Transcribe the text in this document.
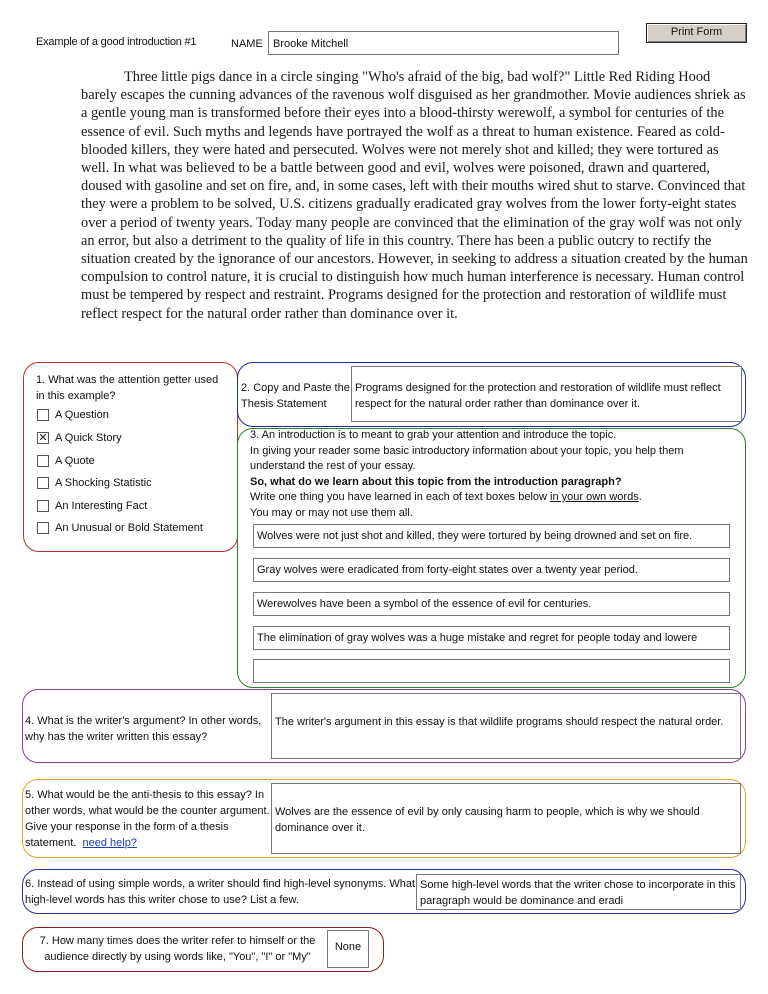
Example of a good introduction #1	NAME Brooke Mitchell
Print Form
Three little pigs dance in a circle singing "Who's afraid of the big, bad wolf?" Little Red Riding Hood barely escapes the cunning advances of the ravenous wolf disguised as her grandmother. Movie audiences shriek as a gentle young man is transformed before their eyes into a blood-thirsty werewolf, a symbol for centuries of the essence of evil. Such myths and legends have portrayed the wolf as a threat to human existence. Feared as cold-blooded killers, they were hated and persecuted. Wolves were not merely shot and killed; they were tortured as well. In what was believed to be a battle between good and evil, wolves were poisoned, drawn and quartered, doused with gasoline and set on fire, and, in some cases, left with their mouths wired shut to starve. Convinced that they were a problem to be solved, U.S. citizens gradually eradicated gray wolves from the lower forty-eight states over a period of twenty years. Today many people are convinced that the elimination of the gray wolf was not only an error, but also a detriment to the quality of life in this country. There has been a public outcry to rectify the situation created by the ignorance of our ancestors. However, in seeking to address a situation created by the human compulsion to control nature, it is crucial to distinguish how much human interference is necessary. Human control must be tempered by respect and restraint. Programs designed for the protection and restoration of wildlife must reflect respect for the natural order rather than dominance over it.
1. What was the attention getter used in this example?
A Question
✕ A Quick Story
A Quote
A Shocking Statistic
An Interesting Fact
An Unusual or Bold Statement
2. Copy and Paste the Thesis Statement
Programs designed for the protection and restoration of wildlife must reflect respect for the natural order rather than dominance over it.
3. An introduction is to meant to grab your attention and introduce the topic.
In giving your reader some basic introductory information about your topic, you help them understand the rest of your essay.
So, what do we learn about this topic from the introduction paragraph?
Write one thing you have learned in each of text boxes below in your own words.
You may or may not use them all.
Wolves were not just shot and killed, they were tortured by being drowned and set on fire.
Gray wolves were eradicated from forty-eight states over a twenty year period.
Werewolves have been a symbol of the essence of evil for centuries.
The elimination of gray wolves was a huge mistake and regret for people today and lowere
4. What is the writer's argument? In other words, why has the writer written this essay?
The writer's argument in this essay is that wildlife programs should respect the natural order.
5. What would be the anti-thesis to this essay? In other words, what would be the counter argument. Give your response in the form of a thesis statement. need help?
Wolves are the essence of evil by only causing harm to people, which is why we should dominance over it.
6. Instead of using simple words, a writer should find high-level synonyms. What high-level words has this writer chose to use? List a few.
Some high-level words that the writer chose to incorporate in this paragraph would be dominance and eradi
7. How many times does the writer refer to himself or the audience directly by using words like, "You", "I" or "My"
None
